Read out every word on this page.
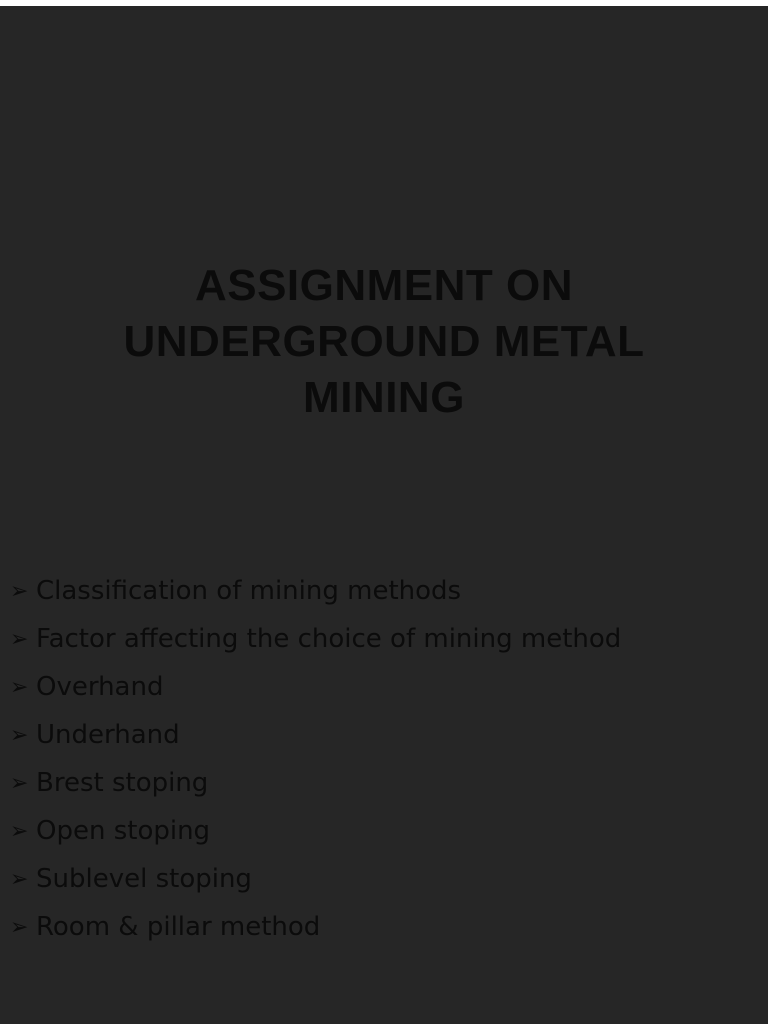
ASSIGNMENT ON
UNDERGROUND METAL
MINING
➢ Classification of mining methods
➢ Factor affecting the choice of mining method
➢ Overhand
➢ Underhand
➢ Brest stoping
➢ Open stoping
➢ Sublevel stoping
➢ Room & pillar method
